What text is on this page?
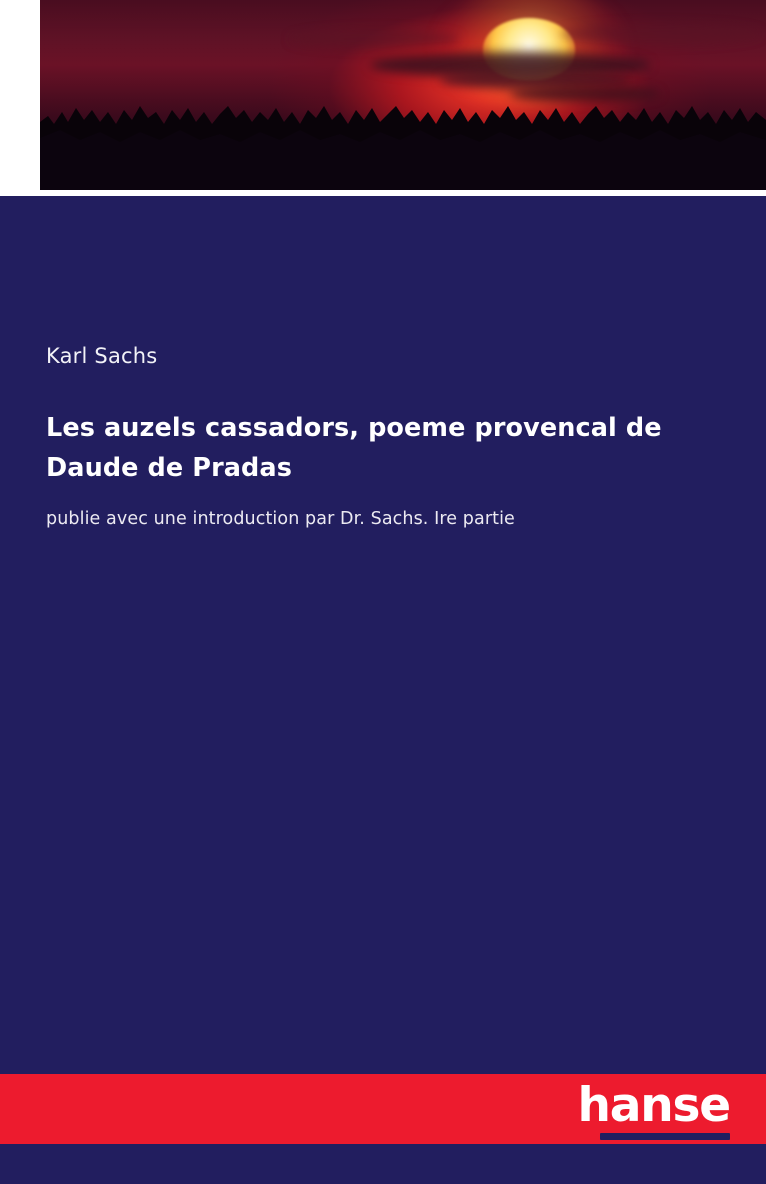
Karl Sachs
Les auzels cassadors, poeme provencal de Daude de Pradas
publie avec une introduction par Dr. Sachs. Ire partie
hanse
